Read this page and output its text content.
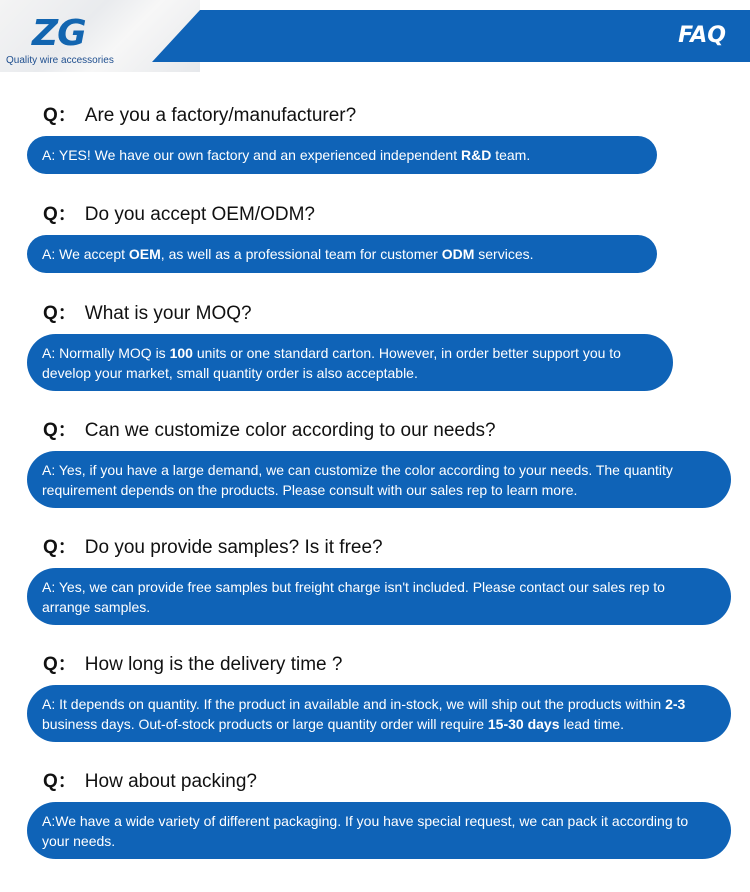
ZG
Quality wire accessories
FAQ
Q： Are you a factory/manufacturer?
A: YES! We have our own factory and an experienced independent R&D team.
Q： Do you accept OEM/ODM?
A: We accept OEM, as well as a professional team for customer ODM services.
Q： What is your MOQ?
A: Normally MOQ is 100 units or one standard carton. However, in order better support you to develop your market, small quantity order is also acceptable.
Q： Can we customize color according to our needs?
A: Yes, if you have a large demand, we can customize the color according to your needs. The quantity requirement depends on the products. Please consult with our sales rep to learn more.
Q： Do you provide samples? Is it free?
A: Yes, we can provide free samples but freight charge isn't included. Please contact our sales rep to arrange samples.
Q： How long is the delivery time ?
A: It depends on quantity. If the product in available and in-stock, we will ship out the products within 2-3 business days. Out-of-stock products or large quantity order will require 15-30 days lead time.
Q： How about packing?
A:We have a wide variety of different packaging. If you have special request, we can pack it according to your needs.
